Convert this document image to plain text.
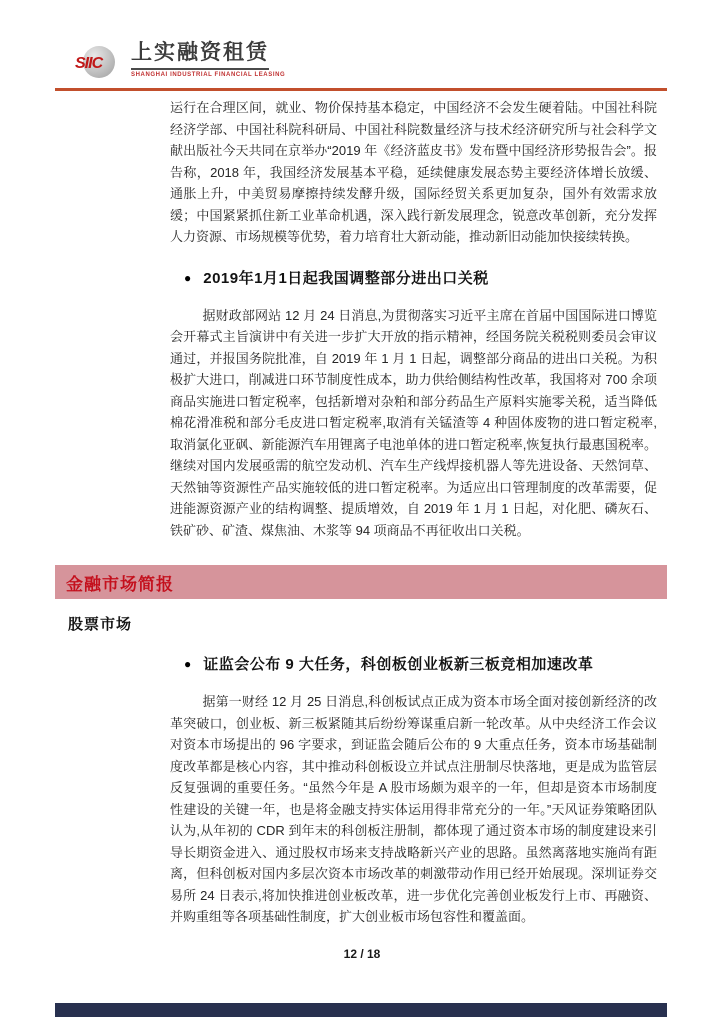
SIIC 上实融资租赁
SHANGHAI INDUSTRIAL FINANCIAL LEASING

运行在合理区间，就业、物价保持基本稳定，中国经济不会发生硬着陆。中国社科院经济学部、中国社科院科研局、中国社科院数量经济与技术经济研究所与社会科学文献出版社今天共同在京举办“2019 年《经济蓝皮书》发布暨中国经济形势报告会”。报告称，2018 年，我国经济发展基本平稳，延续健康发展态势主要经济体增长放缓、通胀上升，中美贸易摩擦持续发酵升级，国际经贸关系更加复杂，国外有效需求放缓；中国紧紧抓住新工业革命机遇，深入践行新发展理念，锐意改革创新，充分发挥人力资源、市场规模等优势，着力培育壮大新动能，推动新旧动能加快接续转换。

● 2019年1月1日起我国调整部分进出口关税

据财政部网站 12 月 24 日消息,为贯彻落实习近平主席在首届中国国际进口博览会开幕式主旨演讲中有关进一步扩大开放的指示精神，经国务院关税税则委员会审议通过，并报国务院批准，自 2019 年 1 月 1 日起，调整部分商品的进出口关税。为积极扩大进口，削减进口环节制度性成本，助力供给侧结构性改革，我国将对 700 余项商品实施进口暂定税率，包括新增对杂粕和部分药品生产原料实施零关税，适当降低棉花滑准税和部分毛皮进口暂定税率,取消有关锰渣等 4 种固体废物的进口暂定税率,取消氯化亚砜、新能源汽车用锂离子电池单体的进口暂定税率,恢复执行最惠国税率。继续对国内发展亟需的航空发动机、汽车生产线焊接机器人等先进设备、天然饲草、天然铀等资源性产品实施较低的进口暂定税率。为适应出口管理制度的改革需要，促进能源资源产业的结构调整、提质增效，自 2019 年 1 月 1 日起，对化肥、磷灰石、铁矿砂、矿渣、煤焦油、木浆等 94 项商品不再征收出口关税。

金融市场简报
股票市场
● 证监会公布 9 大任务，科创板创业板新三板竞相加速改革

据第一财经 12 月 25 日消息,科创板试点正成为资本市场全面对接创新经济的改革突破口，创业板、新三板紧随其后纷纷筹谋重启新一轮改革。从中央经济工作会议对资本市场提出的 96 字要求，到证监会随后公布的 9 大重点任务，资本市场基础制度改革都是核心内容，其中推动科创板设立并试点注册制尽快落地，更是成为监管层反复强调的重要任务。“虽然今年是 A 股市场颇为艰辛的一年，但却是资本市场制度性建设的关键一年，也是将金融支持实体运用得非常充分的一年。”天风证券策略团队认为,从年初的 CDR 到年末的科创板注册制，都体现了通过资本市场的制度建设来引导长期资金进入、通过股权市场来支持战略新兴产业的思路。虽然离落地实施尚有距离，但科创板对国内多层次资本市场改革的刺激带动作用已经开始展现。深圳证券交易所 24 日表示,将加快推进创业板改革，进一步优化完善创业板发行上市、再融资、并购重组等各项基础性制度，扩大创业板市场包容性和覆盖面。

12 / 18
